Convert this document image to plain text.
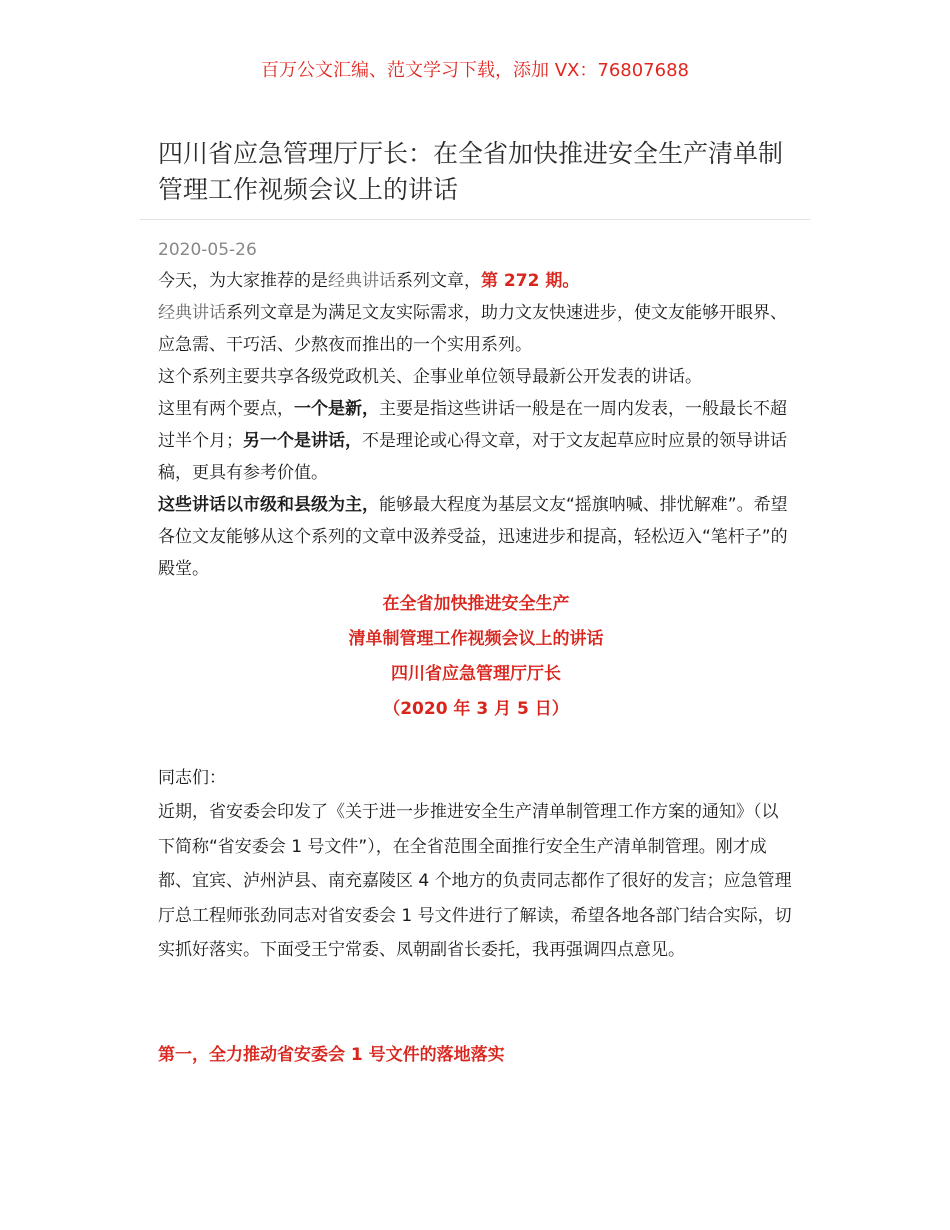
百万公文汇编、范文学习下载，添加 VX：76807688
四川省应急管理厅厅长：在全省加快推进安全生产清单制管理工作视频会议上的讲话
2020-05-26

今天，为大家推荐的是经典讲话系列文章，第 272 期。

经典讲话系列文章是为满足文友实际需求，助力文友快速进步，使文友能够开眼界、应急需、干巧活、少熬夜而推出的一个实用系列。

这个系列主要共享各级党政机关、企事业单位领导最新公开发表的讲话。

这里有两个要点，一个是新，主要是指这些讲话一般是在一周内发表，一般最长不超过半个月；另一个是讲话，不是理论或心得文章，对于文友起草应时应景的领导讲话稿，更具有参考价值。

这些讲话以市级和县级为主，能够最大程度为基层文友“摇旗呐喊、排忧解难”。希望各位文友能够从这个系列的文章中汲养受益，迅速进步和提高，轻松迈入“笔杆子”的殿堂。

在全省加快推进安全生产
清单制管理工作视频会议上的讲话
四川省应急管理厅厅长
（2020 年 3 月 5 日）

同志们：

近期，省安委会印发了《关于进一步推进安全生产清单制管理工作方案的通知》（以下简称“省安委会 1 号文件”），在全省范围全面推行安全生产清单制管理。刚才成都、宜宾、泸州泸县、南充嘉陵区 4 个地方的负责同志都作了很好的发言；应急管理厅总工程师张劲同志对省安委会 1 号文件进行了解读，希望各地各部门结合实际，切实抓好落实。下面受王宁常委、凤朝副省长委托，我再强调四点意见。

第一，全力推动省安委会 1 号文件的落地落实
